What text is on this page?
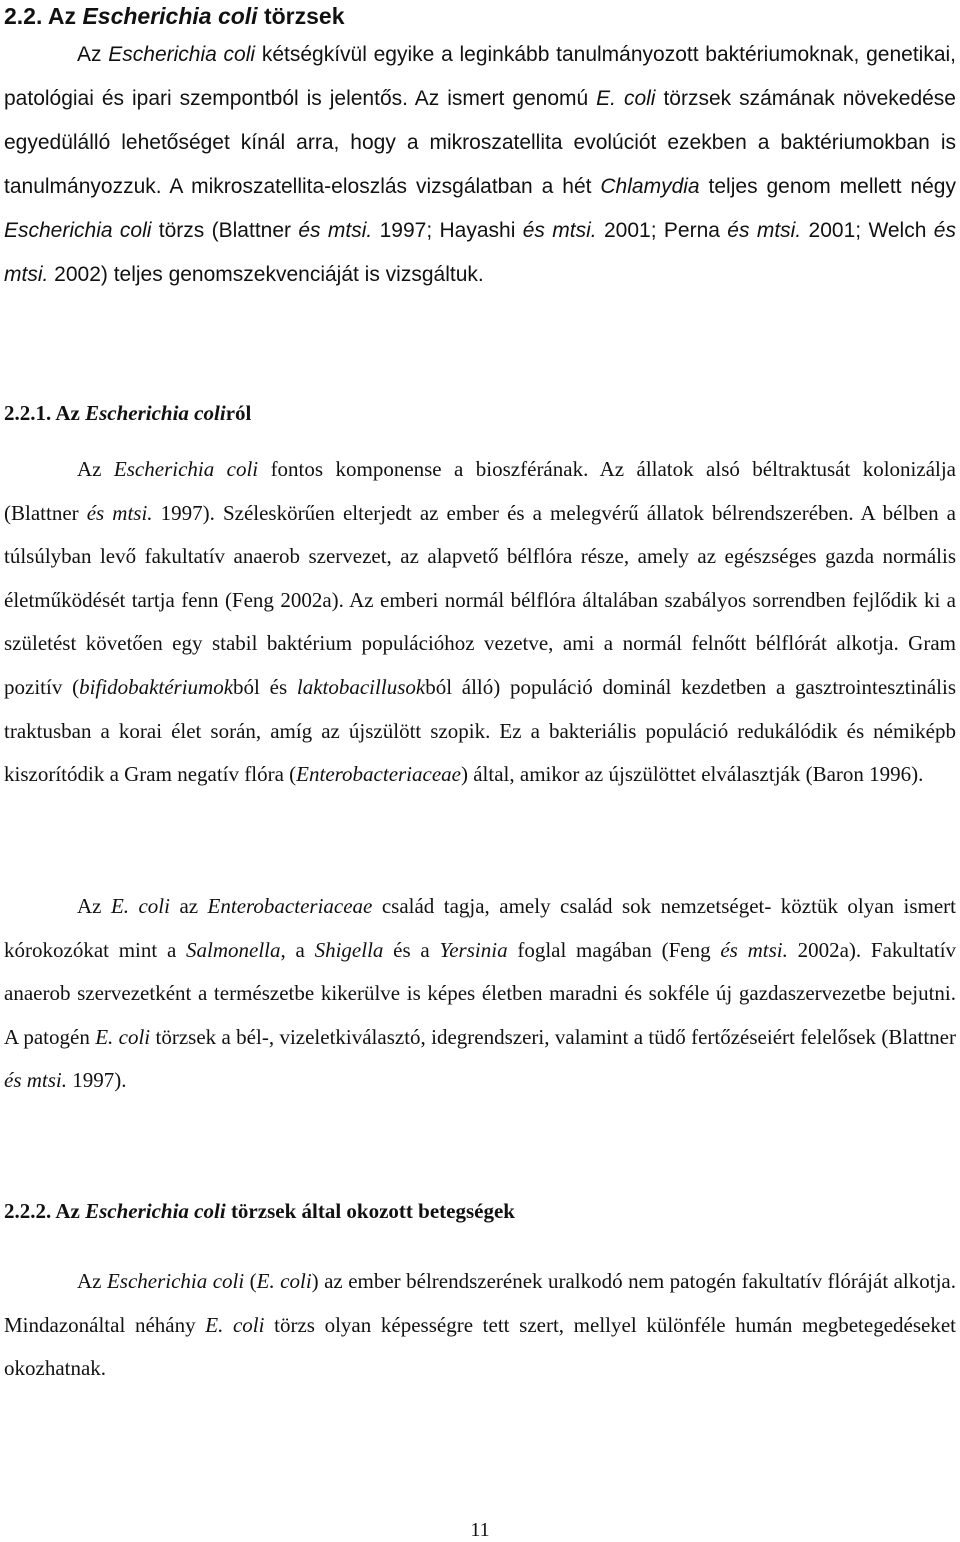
2.2. Az Escherichia coli törzsek

Az Escherichia coli kétségkívül egyike a leginkább tanulmányozott baktériumoknak, genetikai, patológiai és ipari szempontból is jelentős. Az ismert genomú E. coli törzsek számának növekedése egyedülálló lehetőséget kínál arra, hogy a mikroszatellita evolúciót ezekben a baktériumokban is tanulmányozzuk. A mikroszatellita-eloszlás vizsgálatban a hét Chlamydia teljes genom mellett négy Escherichia coli törzs (Blattner és mtsi. 1997; Hayashi és mtsi. 2001; Perna és mtsi. 2001; Welch és mtsi. 2002) teljes genomszekvenciáját is vizsgáltuk.

2.2.1. Az Escherichia coliról

Az Escherichia coli fontos komponense a bioszférának. Az állatok alsó béltraktusát kolonizálja (Blattner és mtsi. 1997). Széleskörűen elterjedt az ember és a melegvérű állatok bélrendszerében. A bélben a túlsúlyban levő fakultatív anaerob szervezet, az alapvető bélflóra része, amely az egészséges gazda normális életműködését tartja fenn (Feng 2002a). Az emberi normál bélflóra általában szabályos sorrendben fejlődik ki a születést követően egy stabil baktérium populációhoz vezetve, ami a normál felnőtt bélflórát alkotja. Gram pozitív (bifidobaktériumokból és laktobacillusokból álló) populáció dominál kezdetben a gasztrointesztinális traktusban a korai élet során, amíg az újszülött szopik. Ez a bakteriális populáció redukálódik és némiképb kiszorítódik a Gram negatív flóra (Enterobacteriaceae) által, amikor az újszülöttet elválasztják (Baron 1996).

Az E. coli az Enterobacteriaceae család tagja, amely család sok nemzetséget- köztük olyan ismert kórokozókat mint a Salmonella, a Shigella és a Yersinia foglal magában (Feng és mtsi. 2002a). Fakultatív anaerob szervezetként a természetbe kikerülve is képes életben maradni és sokféle új gazdaszervezetbe bejutni. A patogén E. coli törzsek a bél-, vizeletkiválasztó, idegrendszeri, valamint a tüdő fertőzéseiért felelősek (Blattner és mtsi. 1997).

2.2.2. Az Escherichia coli törzsek által okozott betegségek

Az Escherichia coli (E. coli) az ember bélrendszerének uralkodó nem patogén fakultatív flóráját alkotja. Mindazonáltal néhány E. coli törzs olyan képességre tett szert, mellyel különféle humán megbetegedéseket okozhatnak.

11
